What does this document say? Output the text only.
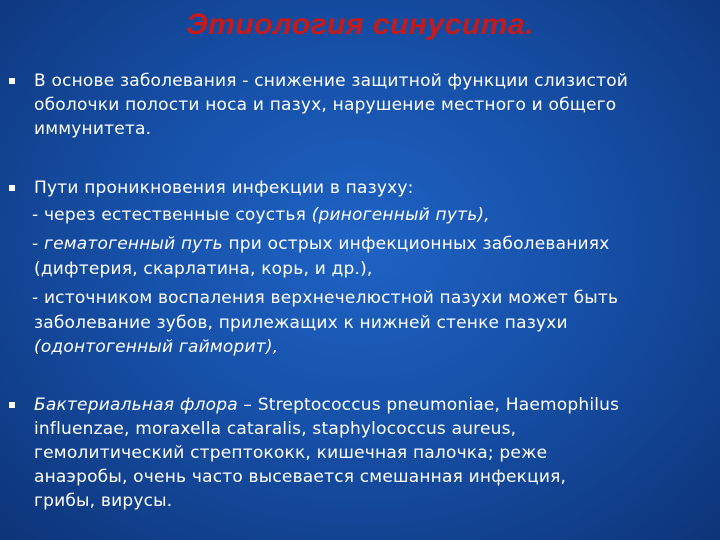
Этиология синусита.
В основе заболевания - снижение защитной функции слизистой
оболочки полости носа и пазух, нарушение местного и общего
иммунитета.
Пути проникновения инфекции в пазуху:
- через естественные соустья (риногенный путь),
- гематогенный путь при острых инфекционных заболеваниях
(дифтерия, скарлатина, корь, и др.),
- источником воспаления верхнечелюстной пазухи может быть
заболевание зубов, прилежащих к нижней стенке пазухи
(одонтогенный гайморит),
Бактериальная флора – Streptococcus pneumoniae, Haemophilus
influenzae, moraxella cataralis, staphylococcus aureus,
гемолитический стрептококк, кишечная палочка; реже
анаэробы, очень часто высевается смешанная инфекция,
грибы, вирусы.
